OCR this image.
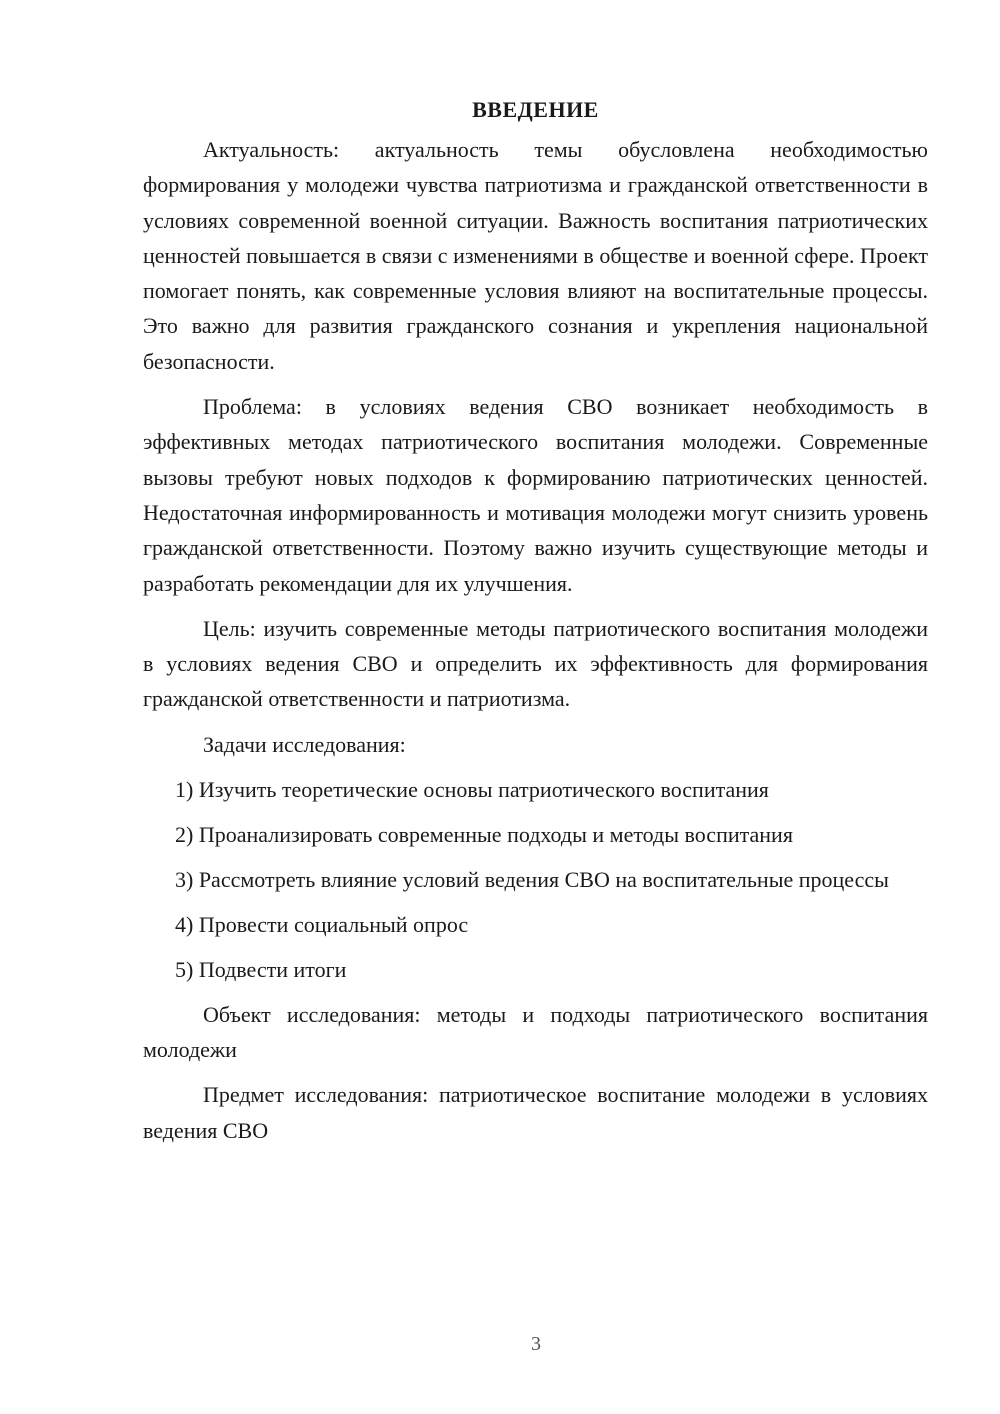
ВВЕДЕНИЕ

Актуальность: актуальность темы обусловлена необходимостью формирования у молодежи чувства патриотизма и гражданской ответственности в условиях современной военной ситуации. Важность воспитания патриотических ценностей повышается в связи с изменениями в обществе и военной сфере. Проект помогает понять, как современные условия влияют на воспитательные процессы. Это важно для развития гражданского сознания и укрепления национальной безопасности.

Проблема: в условиях ведения СВО возникает необходимость в эффективных методах патриотического воспитания молодежи. Современные вызовы требуют новых подходов к формированию патриотических ценностей. Недостаточная информированность и мотивация молодежи могут снизить уровень гражданской ответственности. Поэтому важно изучить существующие методы и разработать рекомендации для их улучшения.

Цель: изучить современные методы патриотического воспитания молодежи в условиях ведения СВО и определить их эффективность для формирования гражданской ответственности и патриотизма.

Задачи исследования:

1) Изучить теоретические основы патриотического воспитания

2) Проанализировать современные подходы и методы воспитания

3) Рассмотреть влияние условий ведения СВО на воспитательные процессы

4) Провести социальный опрос

5) Подвести итоги

Объект исследования: методы и подходы патриотического воспитания молодежи

Предмет исследования: патриотическое воспитание молодежи в условиях ведения СВО

3
